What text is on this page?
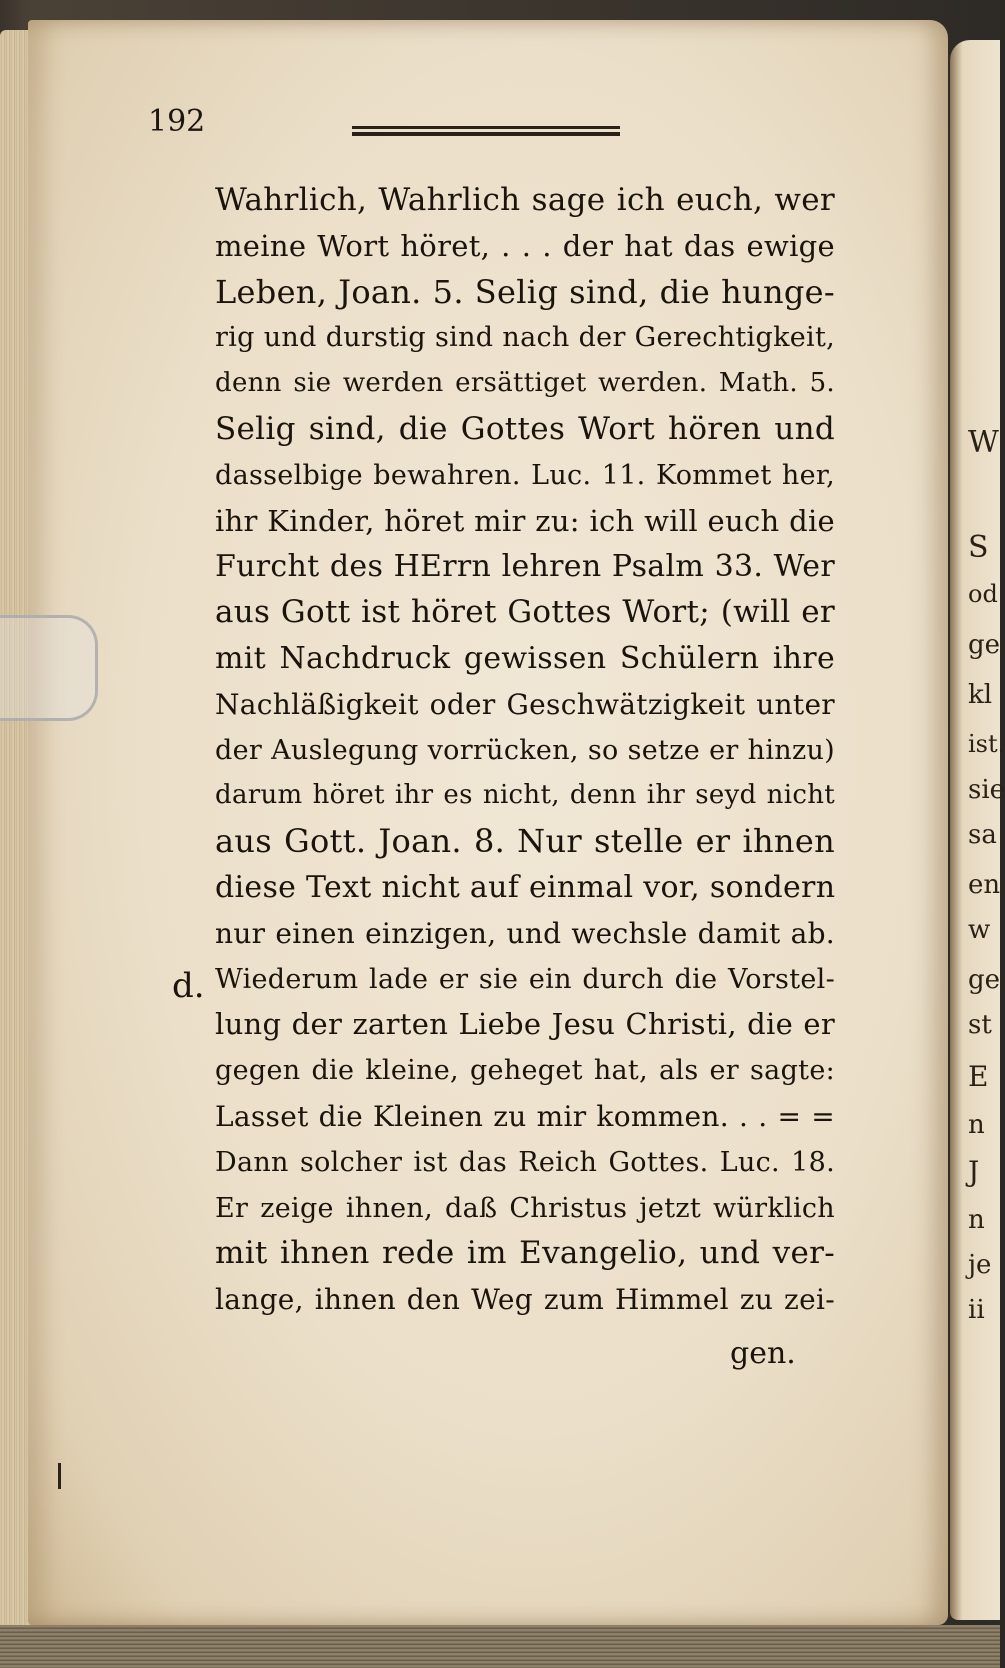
W
S
od
ge
kl
ist.
sie
sa
en
w
ge
st
E
n
J
n
je
ii
192
Wahrlich, Wahrlich sage ich euch, wer
meine Wort höret, . . . der hat das ewige
Leben, Joan. 5. Selig sind, die hunge-
rig und durstig sind nach der Gerechtigkeit,
denn sie werden ersättiget werden. Math. 5.
Selig sind, die Gottes Wort hören und
dasselbige bewahren. Luc. 11. Kommet her,
ihr Kinder, höret mir zu: ich will euch die
Furcht des HErrn lehren Psalm 33. Wer
aus Gott ist höret Gottes Wort; (will er
mit Nachdruck gewissen Schülern ihre
Nachläßigkeit oder Geschwätzigkeit unter
der Auslegung vorrücken, so setze er hinzu)
darum höret ihr es nicht, denn ihr seyd nicht
aus Gott. Joan. 8. Nur stelle er ihnen
diese Text nicht auf einmal vor, sondern
nur einen einzigen, und wechsle damit ab.
Wiederum lade er sie ein durch die Vorstel-
lung der zarten Liebe Jesu Christi, die er
gegen die kleine, geheget hat, als er sagte:
Lasset die Kleinen zu mir kommen. . . = =
Dann solcher ist das Reich Gottes. Luc. 18.
Er zeige ihnen, daß Christus jetzt würklich
mit ihnen rede im Evangelio, und ver-
lange, ihnen den Weg zum Himmel zu zei-
d.
gen.
